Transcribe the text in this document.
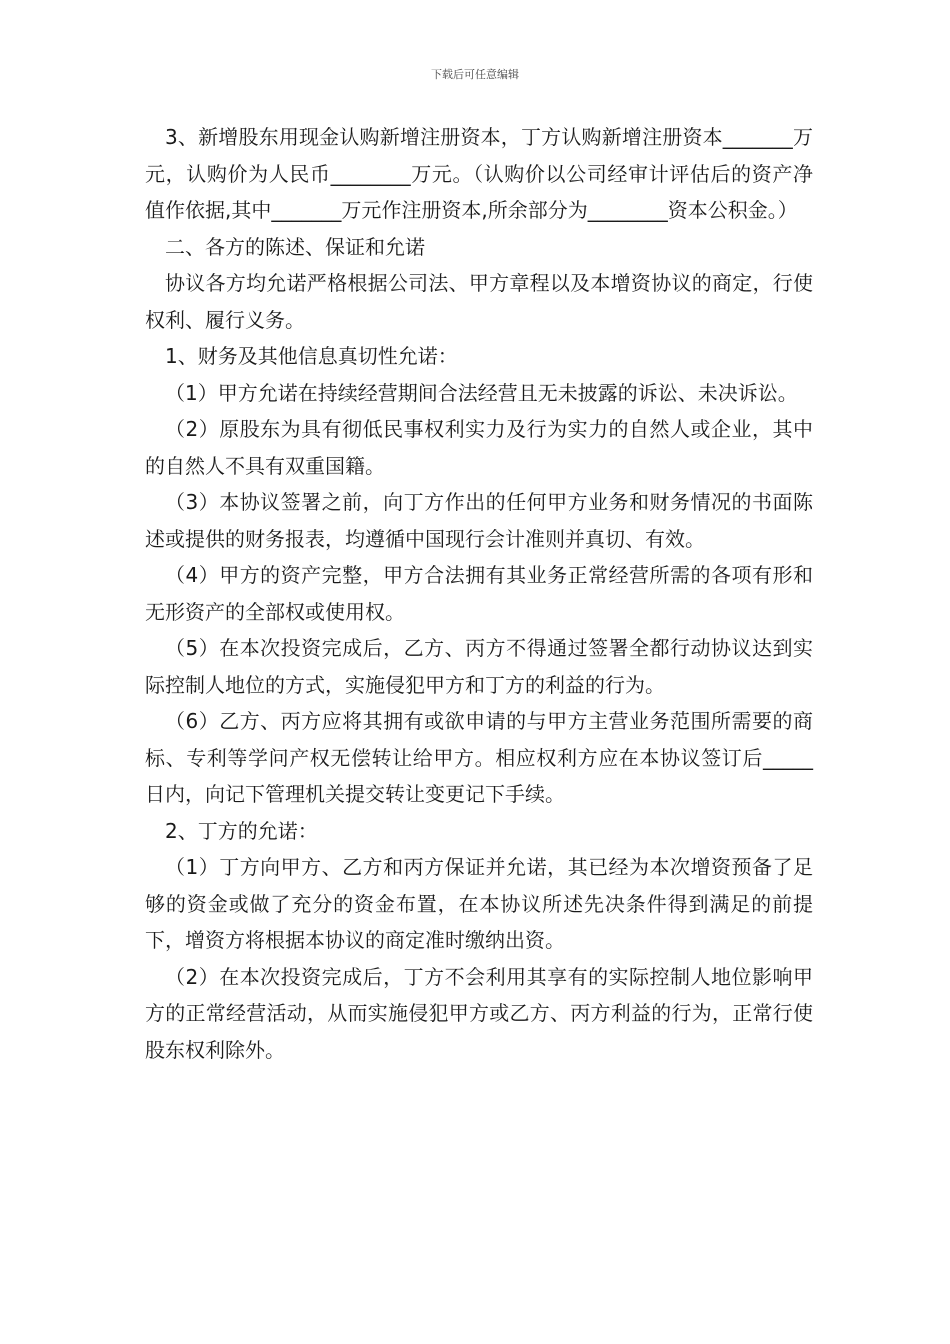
下载后可任意编辑

3、新增股东用现金认购新增注册资本，丁方认购新增注册资本_______万元，认购价为人民币________万元。（认购价以公司经审计评估后的资产净值作依据,其中_______万元作注册资本,所余部分为________资本公积金。）

二、各方的陈述、保证和允诺

协议各方均允诺严格根据公司法、甲方章程以及本增资协议的商定，行使权利、履行义务。

1、财务及其他信息真切性允诺：

（1）甲方允诺在持续经营期间合法经营且无未披露的诉讼、未决诉讼。

（2）原股东为具有彻低民事权利实力及行为实力的自然人或企业，其中的自然人不具有双重国籍。

（3）本协议签署之前，向丁方作出的任何甲方业务和财务情况的书面陈述或提供的财务报表，均遵循中国现行会计准则并真切、有效。

（4）甲方的资产完整，甲方合法拥有其业务正常经营所需的各项有形和无形资产的全部权或使用权。

（5）在本次投资完成后，乙方、丙方不得通过签署全都行动协议达到实际控制人地位的方式，实施侵犯甲方和丁方的利益的行为。

（6）乙方、丙方应将其拥有或欲申请的与甲方主营业务范围所需要的商标、专利等学问产权无偿转让给甲方。相应权利方应在本协议签订后_____日内，向记下管理机关提交转让变更记下手续。

2、丁方的允诺：

（1）丁方向甲方、乙方和丙方保证并允诺，其已经为本次增资预备了足够的资金或做了充分的资金布置，在本协议所述先决条件得到满足的前提下，增资方将根据本协议的商定准时缴纳出资。

（2）在本次投资完成后，丁方不会利用其享有的实际控制人地位影响甲方的正常经营活动，从而实施侵犯甲方或乙方、丙方利益的行为，正常行使股东权利除外。
